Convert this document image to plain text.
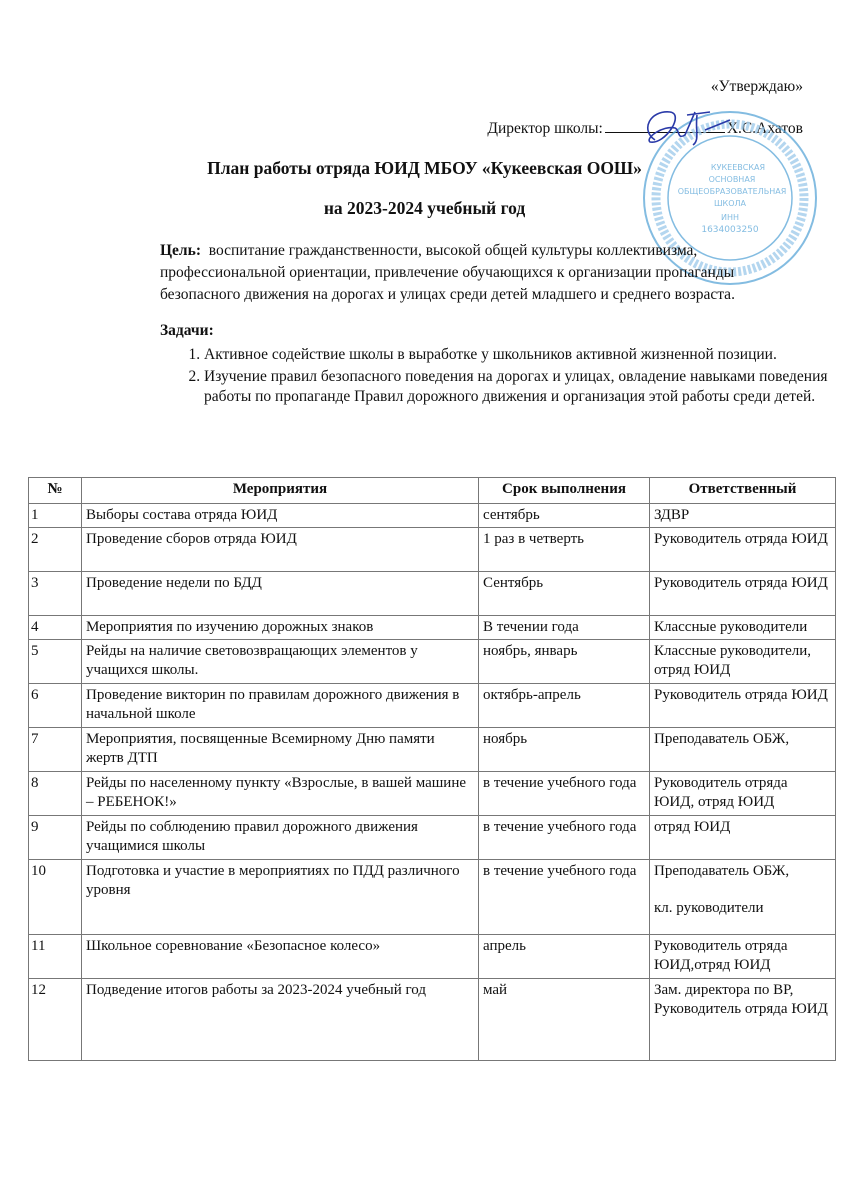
«Утверждаю»
Директор школы:	Х.С.Ахатов
КУКЕЕВСКАЯ
ОСНОВНАЯ
ОБЩЕОБРАЗОВАТЕЛЬНАЯ
ШКОЛА
ИНН
1634003250
План работы отряда ЮИД МБОУ «Кукеевская ООШ»
на 2023-2024 учебный год
Цель: воспитание гражданственности, высокой общей культуры коллективизма, профессиональной ориентации, привлечение обучающихся к организации пропаганды безопасного движения на дорогах и улицах среди детей младшего и среднего возраста.
Задачи:
1. Активное содействие школы в выработке у школьников активной жизненной позиции.
2. Изучение правил безопасного поведения на дорогах и улицах, овладение навыками поведения работы по пропаганде Правил дорожного движения и организация этой работы среди детей.
№	Мероприятия	Срок выполнения	Ответственный

1	Выборы состава отряда ЮИД	сентябрь	ЗДВР

2	Проведение сборов отряда ЮИД	1 раз в четверть	Руководитель отряда ЮИД

3	Проведение недели по БДД	Сентябрь	Руководитель отряда ЮИД

4	Мероприятия по изучению дорожных знаков	В течении года	Классные руководители

5	Рейды на наличие световозвращающих элементов у учащихся школы.	ноябрь, январь	Классные руководители, отряд ЮИД

6	Проведение викторин по правилам дорожного движения в начальной школе	октябрь-апрель	Руководитель отряда ЮИД

7	Мероприятия, посвященные Всемирному Дню памяти жертв ДТП	ноябрь	Преподаватель ОБЖ,

8	Рейды по населенному пункту «Взрослые, в вашей машине – РЕБЕНОК!»	в течение учебного года	Руководитель отряда ЮИД, отряд ЮИД

9	Рейды по соблюдению правил дорожного движения учащимися школы	в течение учебного года	отряд ЮИД

10	Подготовка и участие в мероприятиях по ПДД различного уровня	в течение учебного года	Преподаватель ОБЖ,
кл. руководители

11	Школьное соревнование «Безопасное колесо»	апрель	Руководитель отряда ЮИД,отряд ЮИД

12	Подведение итогов работы за 2023-2024 учебный год	май	Зам. директора по ВР, Руководитель отряда ЮИД
